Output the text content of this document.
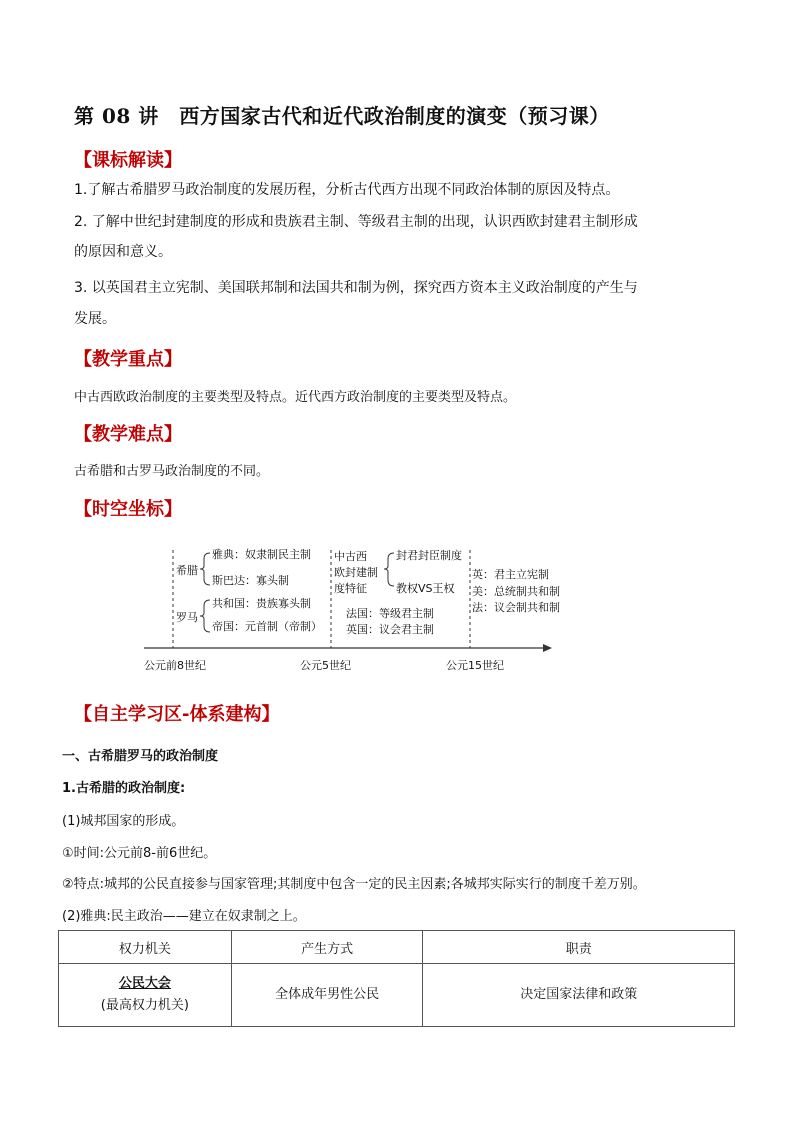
第 08 讲　西方国家古代和近代政治制度的演变（预习课）
【课标解读】
1.了解古希腊罗马政治制度的发展历程，分析古代西方出现不同政治体制的原因及特点。
2. 了解中世纪封建制度的形成和贵族君主制、等级君主制的出现，认识西欧封建君主制形成
的原因和意义。
3. 以英国君主立宪制、美国联邦制和法国共和制为例，探究西方资本主义政治制度的产生与
发展。
【教学重点】
中古西欧政治制度的主要类型及特点。近代西方政治制度的主要类型及特点。
【教学难点】
古希腊和古罗马政治制度的不同。
【时空坐标】
希腊
雅典：奴隶制民主制
斯巴达：寡头制
罗马
共和国：贵族寡头制
帝国：元首制（帝制）
中古西
欧封建制
度特征
封君封臣制度
教权VS王权
法国：等级君主制
英国：议会君主制
英：君主立宪制
美：总统制共和制
法：议会制共和制
公元前8世纪	公元5世纪	公元15世纪
【自主学习区-体系建构】
一、古希腊罗马的政治制度
1.古希腊的政治制度:
(1)城邦国家的形成。
①时间:公元前8-前6世纪。
②特点:城邦的公民直接参与国家管理;其制度中包含一定的民主因素;各城邦实际实行的制度千差万别。
(2)雅典:民主政治——建立在奴隶制之上。
权力机关	产生方式	职责
公民大会
(最高权力机关)	全体成年男性公民	决定国家法律和政策
